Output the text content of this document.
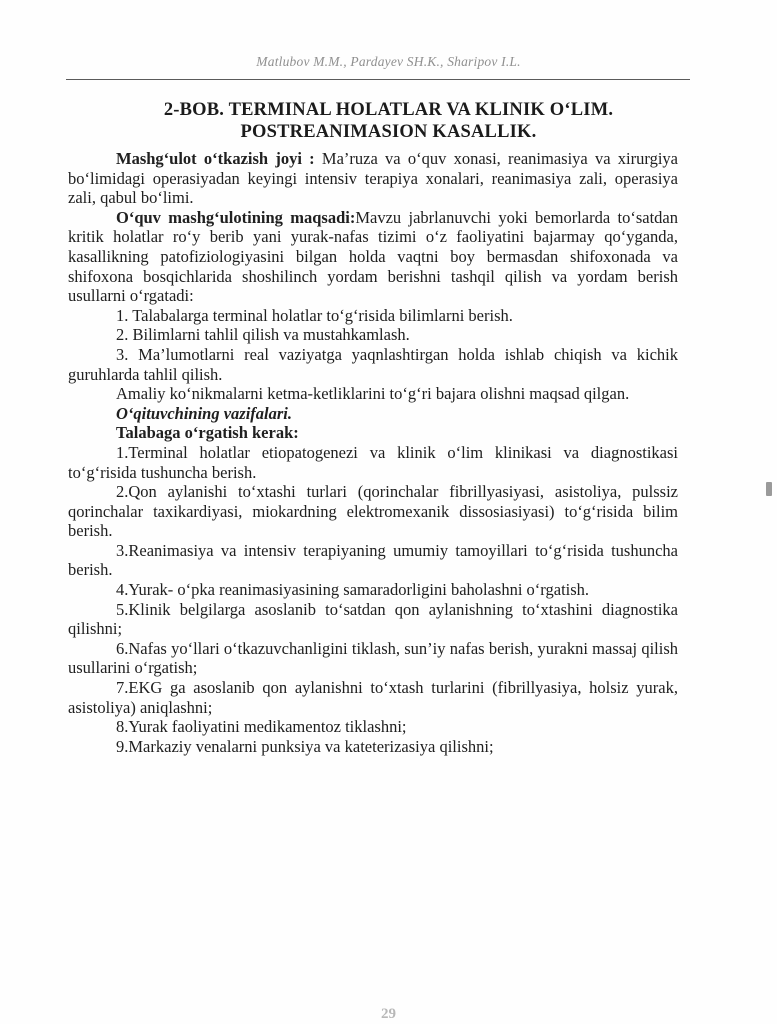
Matlubov M.M., Pardayev SH.K., Sharipov I.L.
2-BOB. TERMINAL HOLATLAR VA KLINIK O‘LIM.
POSTREANIMASION KASALLIK.

Mashg‘ulot o‘tkazish joyi : Ma’ruza va o‘quv xonasi, reanimasiya va xirurgiya bo‘limidagi operasiyadan keyingi intensiv terapiya xonalari, reanimasiya zali, operasiya zali, qabul bo‘limi.

O‘quv mashg‘ulotining maqsadi:Mavzu jabrlanuvchi yoki bemorlarda to‘satdan kritik holatlar ro‘y berib yani yurak-nafas tizimi o‘z faoliyatini bajarmay qo‘yganda, kasallikning patofiziologiyasini bilgan holda vaqtni boy bermasdan shifoxonada va shifoxona bosqichlarida shoshilinch yordam berishni tashqil qilish va yordam berish usullarni o‘rgatadi:

1. Talabalarga terminal holatlar to‘g‘risida bilimlarni berish.

2. Bilimlarni tahlil qilish va mustahkamlash.

3. Ma’lumotlarni real vaziyatga yaqnlashtirgan holda ishlab chiqish va kichik guruhlarda tahlil qilish.

Amaliy ko‘nikmalarni ketma-ketliklarini to‘g‘ri bajara olishni maqsad qilgan.

O‘qituvchining vazifalari.

Talabaga o‘rgatish kerak:

1.Terminal holatlar etiopatogenezi va klinik o‘lim klinikasi va diagnostikasi to‘g‘risida tushuncha berish.

2.Qon aylanishi to‘xtashi turlari (qorinchalar fibrillyasiyasi, asistoliya, pulssiz qorinchalar taxikardiyasi, miokardning elektromexanik dissosiasiyasi) to‘g‘risida bilim berish.

3.Reanimasiya va intensiv terapiyaning umumiy tamoyillari to‘g‘risida tushuncha berish.

4.Yurak- o‘pka reanimasiyasining samaradorligini baholashni o‘rgatish.

5.Klinik belgilarga asoslanib to‘satdan qon aylanishning to‘xtashini diagnostika qilishni;

6.Nafas yo‘llari o‘tkazuvchanligini tiklash, sun’iy nafas berish, yurakni massaj qilish usullarini o‘rgatish;

7.EKG ga asoslanib qon aylanishni to‘xtash turlarini (fibrillyasiya, holsiz yurak, asistoliya) aniqlashni;

8.Yurak faoliyatini medikamentoz tiklashni;

9.Markaziy venalarni punksiya va kateterizasiya qilishni;

29
